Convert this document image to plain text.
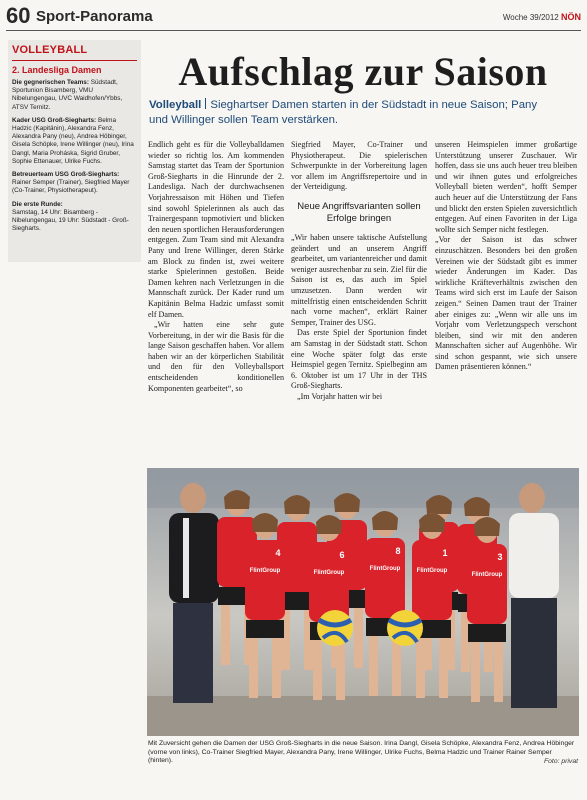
60 Sport-Panorama	Woche 39/2012 NÖN
VOLLEYBALL
2. Landesliga Damen

Die gegnerischen Teams: Südstadt, Sportunion Bisamberg, VMU Nibelungengau, UVC Waidhofen/Ybbs, ATSV Ternitz.

Kader USG Groß-Siegharts: Belma Hadzic (Kapitänin), Alexandra Fenz, Alexandra Pany (neu), Andrea Höbinger, Gisela Schöpke, Irene Willinger (neu), Irina Dangl, Maria Proháska, Sigrid Gruber, Sophie Ettenauer, Ulrike Fuchs.

Betreuerteam USG Groß-Siegharts: Rainer Semper (Trainer), Siegfried Mayer (Co-Trainer, Physiotherapeut).

Die erste Runde:
Samstag, 14 Uhr: Bisamberg - Nibelungengau, 19 Uhr: Südstadt - Groß-Siegharts.

Aufschlag zur Saison
Volleyball Sieghartser Damen starten in der Südstadt in neue Saison; Pany und Willinger sollen Team verstärken.

Endlich geht es für die Volleyballdamen wieder so richtig los. Am kommenden Samstag startet das Team der Sportunion Groß-Siegharts in die Hinrunde der 2. Landesliga. Nach der durchwachsenen Vorjahressaison mit Höhen und Tiefen sind sowohl Spielerinnen als auch das Trainergespann topmotiviert und blicken den neuen sportlichen Herausforderungen entgegen. Zum Team sind mit Alexandra Pany und Irene Willinger, deren Stärke am Block zu finden ist, zwei weitere starke Spielerinnen gestoßen. Beide Damen kehren nach Verletzungen in die Mannschaft zurück. Der Kader rund um Kapitänin Belma Hadzic umfasst somit elf Damen.

„Wir hatten eine sehr gute Vorbereitung, in der wir die Basis für die lange Saison geschaffen haben. Vor allem haben wir an der körperlichen Stabilität und den für den Volleyballsport entscheidenden konditionellen Komponenten gearbeitet“, so

Siegfried Mayer, Co-Trainer und Physiotherapeut. Die spielerischen Schwerpunkte in der Vorbereitung lagen vor allem im Angriffsrepertoire und in der Verteidigung.

Neue Angriffsvarianten sollen Erfolge bringen

„Wir haben unsere taktische Aufstellung geändert und an unserem Angriff gearbeitet, um variantenreicher und damit weniger ausrechenbar zu sein. Ziel für die Saison ist es, das auch im Spiel umzusetzen. Dann werden wir mittelfristig einen entscheidenden Schritt nach vorne machen“, erklärt Rainer Semper, Trainer des USG.

Das erste Spiel der Sportunion findet am Samstag in der Südstadt statt. Schon eine Woche später folgt das erste Heimspiel gegen Ternitz. Spielbeginn am 6. Oktober ist um 17 Uhr in der THS Groß-Siegharts.

„Im Vorjahr hatten wir bei

unseren Heimspielen immer großartige Unterstützung unserer Zuschauer. Wir hoffen, dass sie uns auch heuer treu bleiben und wir ihnen gutes und erfolgreiches Volleyball bieten werden“, hofft Semper auch heuer auf die Unterstützung der Fans und blickt den ersten Spielen zuversichtlich entgegen. Auf einen Favoriten in der Liga wollte sich Semper nicht festlegen.

„Vor der Saison ist das schwer einzuschätzen. Besonders bei den großen Vereinen wie der Südstadt gibt es immer wieder Änderungen im Kader. Das wirkliche Kräfteverhältnis zwischen den Teams wird sich erst im Laufe der Saison zeigen.“ Seinen Damen traut der Trainer aber einiges zu: „Wenn wir alle uns im Vorjahr vom Verletzungspech verschont bleiben, sind wir mit den anderen Mannschaften sicher auf Augenhöhe. Wir sind schon gespannt, wie sich unsere Damen präsentieren können.“

FlintGroup
4
FlintGroup
6
FlintGroup
8
FlintGroup
1
FlintGroup
3
Mit Zuversicht gehen die Damen der USG Groß-Siegharts in die neue Saison. Irina Dangl, Gisela Schöpke, Alexandra Fenz, Andrea Höbinger (vorne von links), Co-Trainer Siegfried Mayer, Alexandra Pany, Irene Willinger, Ulrike Fuchs, Belma Hadzic und Trainer Rainer Semper (hinten).	Foto: privat
